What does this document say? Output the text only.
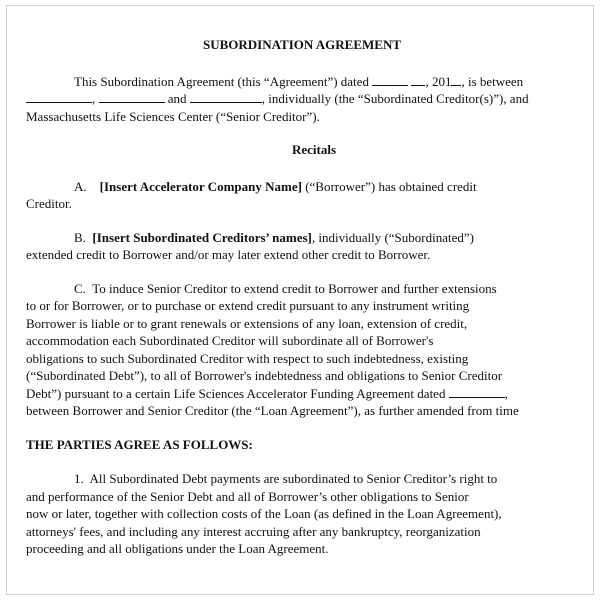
SUBORDINATION AGREEMENT

This Subordination Agreement (this “Agreement”) dated	, 201 , is between
,	and	, individually (the “Subordinated Creditor(s)”), and
Massachusetts Life Sciences Center (“Senior Creditor”).

Recitals

A. [Insert Accelerator Company Name] (“Borrower”) has obtained credit
Creditor.

B. [Insert Subordinated Creditors’ names], individually (“Subordinated”)
extended credit to Borrower and/or may later extend other credit to Borrower.

C. To induce Senior Creditor to extend credit to Borrower and further extensions
to or for Borrower, or to purchase or extend credit pursuant to any instrument writing
Borrower is liable or to grant renewals or extensions of any loan, extension of credit,
accommodation each Subordinated Creditor will subordinate all of Borrower's
obligations to such Subordinated Creditor with respect to such indebtedness, existing
(“Subordinated Debt”), to all of Borrower's indebtedness and obligations to Senior Creditor
Debt”) pursuant to a certain Life Sciences Accelerator Funding Agreement dated	,
between Borrower and Senior Creditor (the “Loan Agreement”), as further amended from time

THE PARTIES AGREE AS FOLLOWS:

1. All Subordinated Debt payments are subordinated to Senior Creditor’s right to
and performance of the Senior Debt and all of Borrower’s other obligations to Senior
now or later, together with collection costs of the Loan (as defined in the Loan Agreement),
attorneys' fees, and including any interest accruing after any bankruptcy, reorganization
proceeding and all obligations under the Loan Agreement.
